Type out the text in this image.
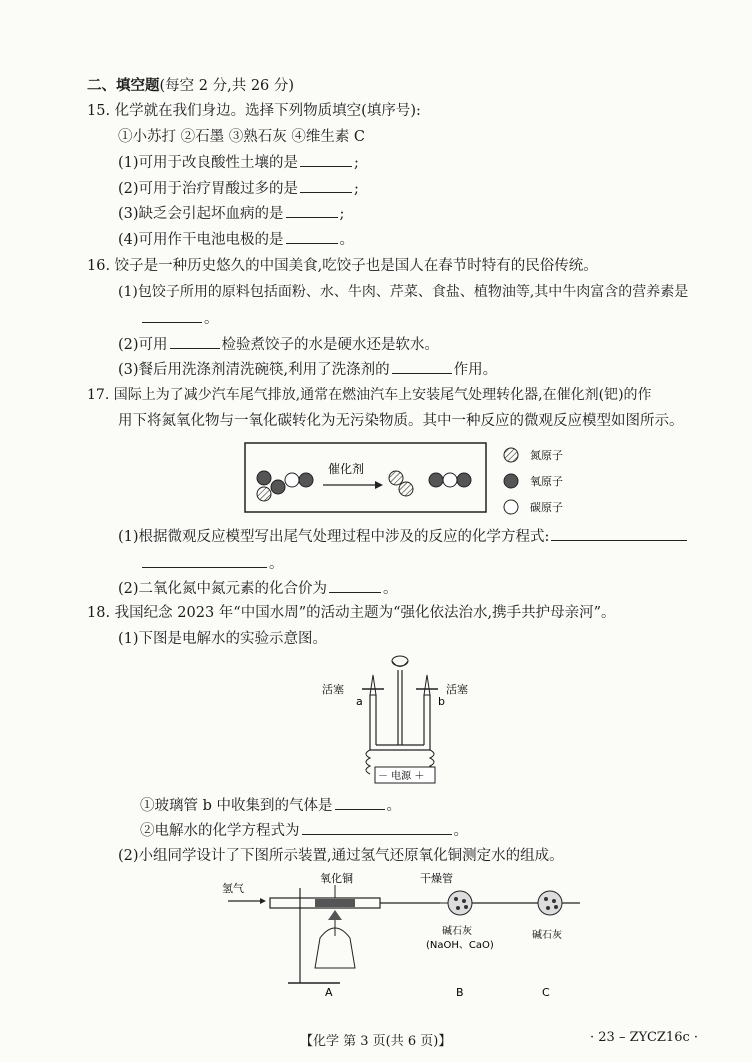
二、填空题(每空 2 分,共 26 分)
15. 化学就在我们身边。选择下列物质填空(填序号):
①小苏打 ②石墨 ③熟石灰 ④维生素 C
(1)可用于改良酸性土壤的是	;
(2)可用于治疗胃酸过多的是	;
(3)缺乏会引起坏血病的是	;
(4)可用作干电池电极的是	。
16. 饺子是一种历史悠久的中国美食,吃饺子也是国人在春节时特有的民俗传统。
(1)包饺子所用的原料包括面粉、水、牛肉、芹菜、食盐、植物油等,其中牛肉富含的营养素是
。
(2)可用	检验煮饺子的水是硬水还是软水。
(3)餐后用洗涤剂清洗碗筷,利用了洗涤剂的	作用。
17. 国际上为了减少汽车尾气排放,通常在燃油汽车上安装尾气处理转化器,在催化剂(钯)的作
用下将氮氧化物与一氧化碳转化为无污染物质。其中一种反应的微观反应模型如图所示。
催化剂
氮原子
氧原子
碳原子
(1)根据微观反应模型写出尾气处理过程中涉及的反应的化学方程式:
。
(2)二氧化氮中氮元素的化合价为	。
18. 我国纪念 2023 年“中国水周”的活动主题为“强化依法治水,携手共护母亲河”。
(1)下图是电解水的实验示意图。
－ 电源 ＋
活塞
a	b
活塞
①玻璃管 b 中收集到的气体是	。
②电解水的化学方程式为	。
(2)小组同学设计了下图所示装置,通过氢气还原氧化铜测定水的组成。
氢气
氧化铜
A
干燥管
碱石灰
(NaOH、CaO)
B
碱石灰
C
【化学 第 3 页(共 6 页)】	· 23 – ZYCZ16c ·
